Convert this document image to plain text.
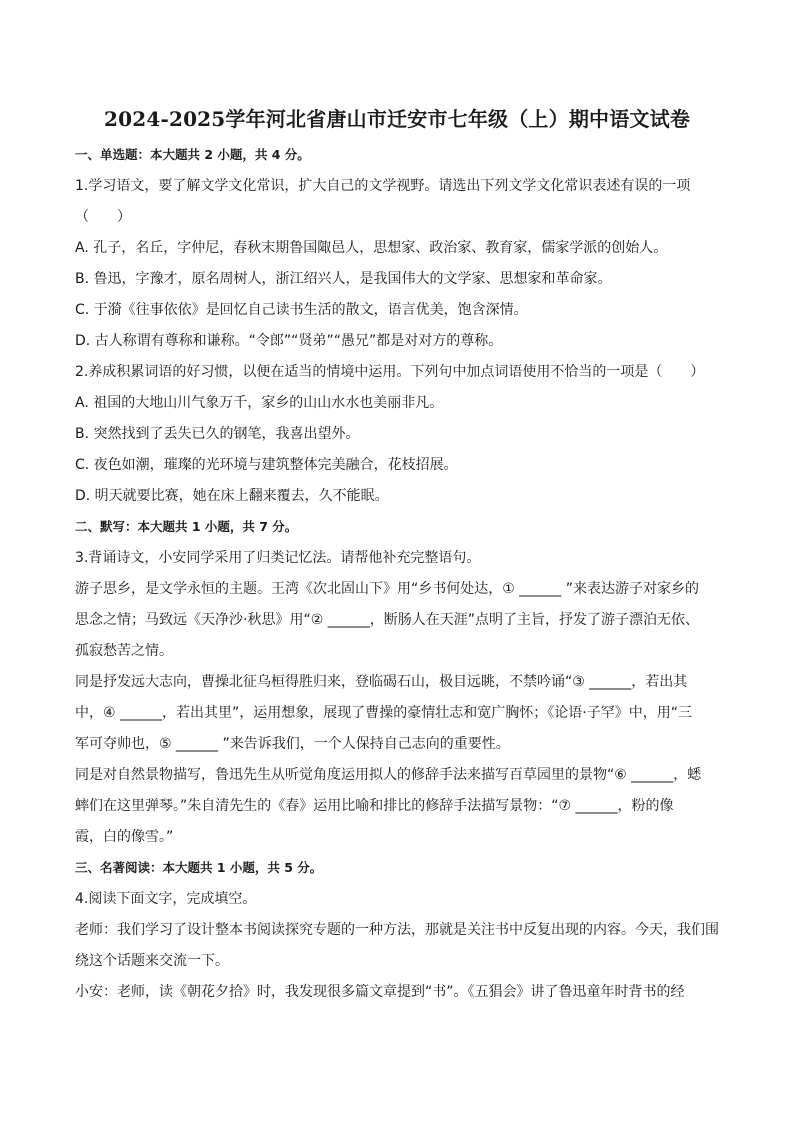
2024-2025学年河北省唐山市迁安市七年级（上）期中语文试卷
一、单选题：本大题共 2 小题，共 4 分。
1.学习语文，要了解文学文化常识，扩大自己的文学视野。请选出下列文学文化常识表述有误的一项
（　　）
A. 孔子，名丘，字仲尼，春秋末期鲁国陬邑人，思想家、政治家、教育家，儒家学派的创始人。
B. 鲁迅，字豫才，原名周树人，浙江绍兴人，是我国伟大的文学家、思想家和革命家。
C. 于漪《往事依依》是回忆自己读书生活的散文，语言优美，饱含深情。
D. 古人称谓有尊称和谦称。“令郎”“贤弟”“愚兄”都是对对方的尊称。
2.养成积累词语的好习惯，以便在适当的情境中运用。下列句中加点词语使用不恰当的一项是（　　）
A. 祖国的大地山川气象万千，家乡的山山水水也美丽非凡。
B. 突然找到了丢失已久的钢笔，我喜出望外。
C. 夜色如潮，璀璨的光环境与建筑整体完美融合，花枝招展。
D. 明天就要比赛，她在床上翻来覆去，久不能眠。
二、默写：本大题共 1 小题，共 7 分。
3.背诵诗文，小安同学采用了归类记忆法。请帮他补充完整语句。
游子思乡，是文学永恒的主题。王湾《次北固山下》用“乡书何处达，① ______ ”来表达游子对家乡的
思念之情；马致远《天净沙·秋思》用“② ______，断肠人在天涯”点明了主旨，抒发了游子漂泊无依、
孤寂愁苦之情。
同是抒发远大志向，曹操北征乌桓得胜归来，登临碣石山，极目远眺，不禁吟诵“③ ______，若出其
中，④ ______，若出其里”，运用想象，展现了曹操的豪情壮志和宽广胸怀；《论语·子罕》中，用“三
军可夺帅也，⑤ ______ ”来告诉我们，一个人保持自己志向的重要性。
同是对自然景物描写，鲁迅先生从听觉角度运用拟人的修辞手法来描写百草园里的景物“⑥ ______，蟋
蟀们在这里弹琴。”朱自清先生的《春》运用比喻和排比的修辞手法描写景物：“⑦ ______，粉的像
霞，白的像雪。”
三、名著阅读：本大题共 1 小题，共 5 分。
4.阅读下面文字，完成填空。
老师：我们学习了设计整本书阅读探究专题的一种方法，那就是关注书中反复出现的内容。今天，我们围
绕这个话题来交流一下。
小安：老师，读《朝花夕拾》时，我发现很多篇文章提到“书”。《五猖会》讲了鲁迅童年时背书的经
